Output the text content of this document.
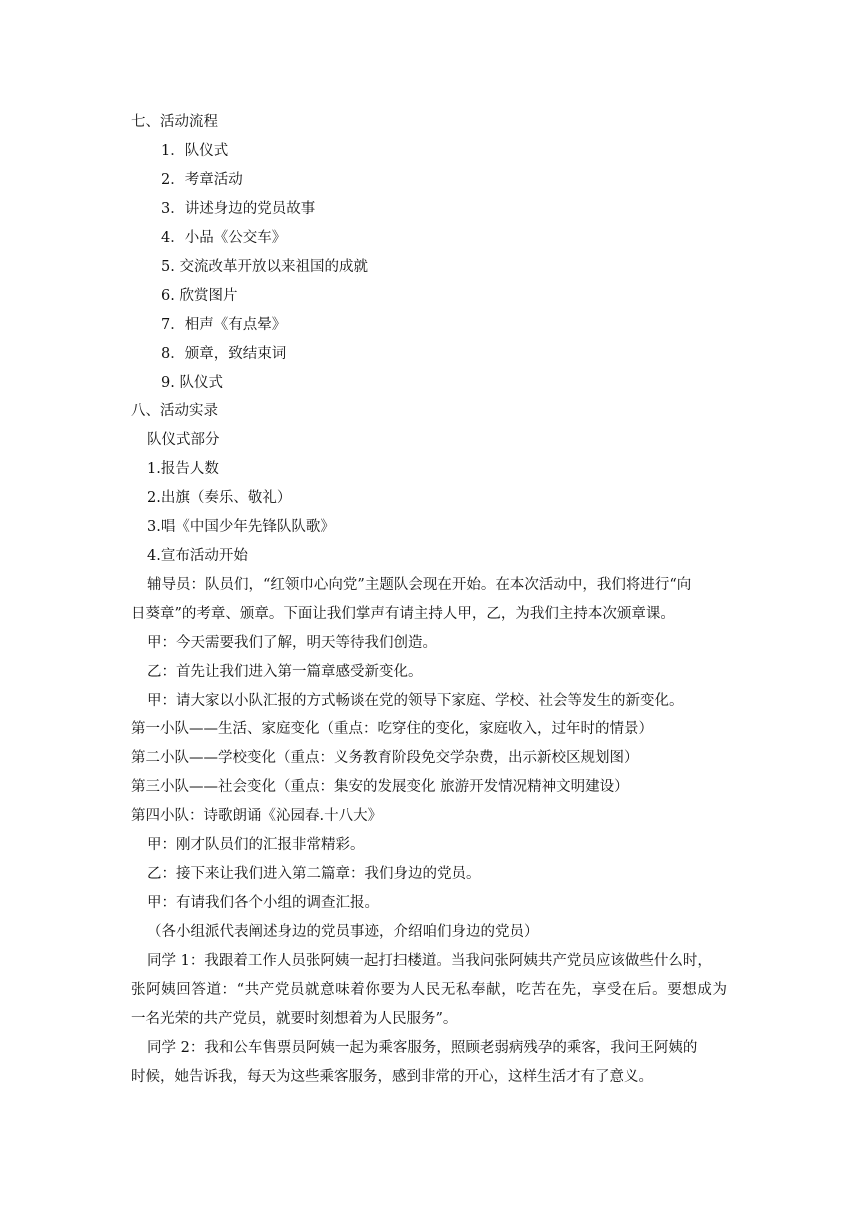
七、活动流程
1．队仪式
2．考章活动
3．讲述身边的党员故事
4．小品《公交车》
5. 交流改革开放以来祖国的成就
6. 欣赏图片
7．相声《有点晕》
8．颁章，致结束词
9. 队仪式
八、活动实录
队仪式部分
1.报告人数
2.出旗（奏乐、敬礼）
3.唱《中国少年先锋队队歌》
4.宣布活动开始
辅导员：队员们，“红领巾心向党”主题队会现在开始。在本次活动中，我们将进行“向
日葵章”的考章、颁章。下面让我们掌声有请主持人甲，乙，为我们主持本次颁章课。
甲：今天需要我们了解，明天等待我们创造。
乙：首先让我们进入第一篇章感受新变化。
甲：请大家以小队汇报的方式畅谈在党的领导下家庭、学校、社会等发生的新变化。
第一小队——生活、家庭变化（重点：吃穿住的变化，家庭收入，过年时的情景）
第二小队——学校变化（重点：义务教育阶段免交学杂费，出示新校区规划图）
第三小队——社会变化（重点：集安的发展变化 旅游开发情况精神文明建设）
第四小队：诗歌朗诵《沁园春.十八大》
甲：刚才队员们的汇报非常精彩。
乙：接下来让我们进入第二篇章：我们身边的党员。
甲：有请我们各个小组的调查汇报。
（各小组派代表阐述身边的党员事迹，介绍咱们身边的党员）
同学 1：我跟着工作人员张阿姨一起打扫楼道。当我问张阿姨共产党员应该做些什么时，
张阿姨回答道：“共产党员就意味着你要为人民无私奉献，吃苦在先，享受在后。要想成为
一名光荣的共产党员，就要时刻想着为人民服务”。
同学 2：我和公车售票员阿姨一起为乘客服务，照顾老弱病残孕的乘客，我问王阿姨的
时候，她告诉我，每天为这些乘客服务，感到非常的开心，这样生活才有了意义。
